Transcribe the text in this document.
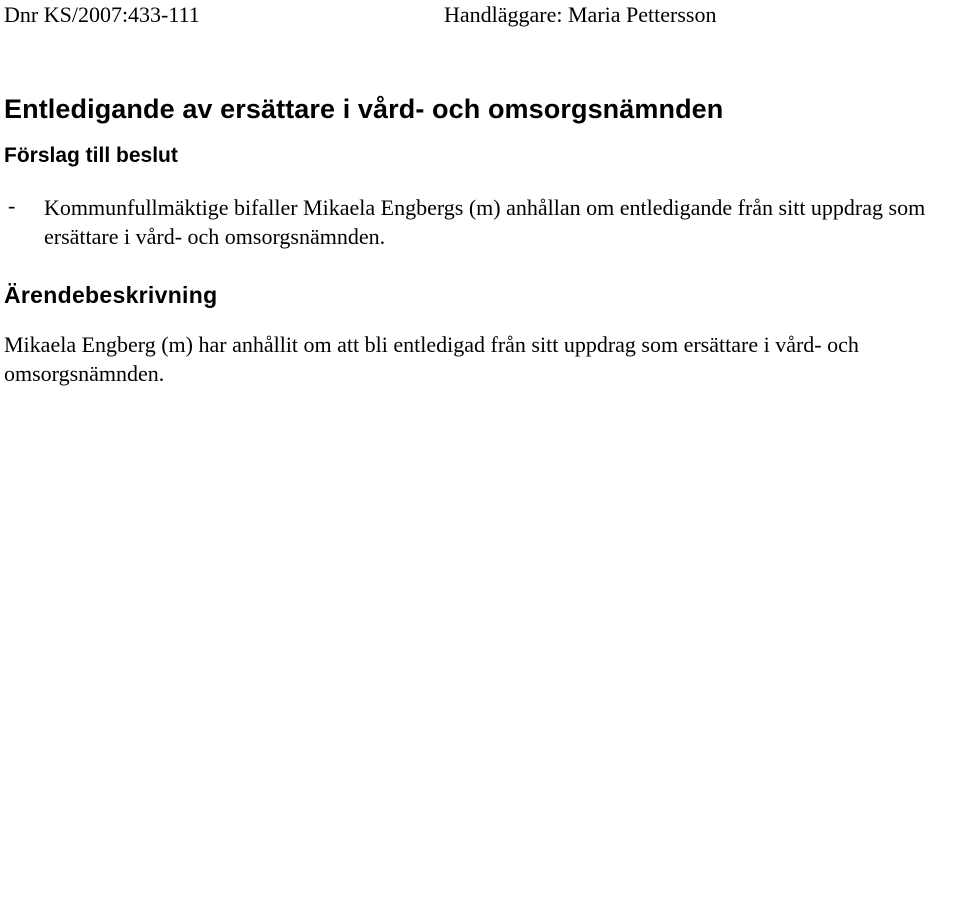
Dnr KS/2007:433-111	Handläggare: Maria Pettersson

Entledigande av ersättare i vård- och omsorgsnämnden
Förslag till beslut
- Kommunfullmäktige bifaller Mikaela Engbergs (m) anhållan om entledigande från sitt uppdrag som ersättare i vård- och omsorgsnämnden.

Ärendebeskrivning

Mikaela Engberg (m) har anhållit om att bli entledigad från sitt uppdrag som ersättare i vård- och omsorgsnämnden.
